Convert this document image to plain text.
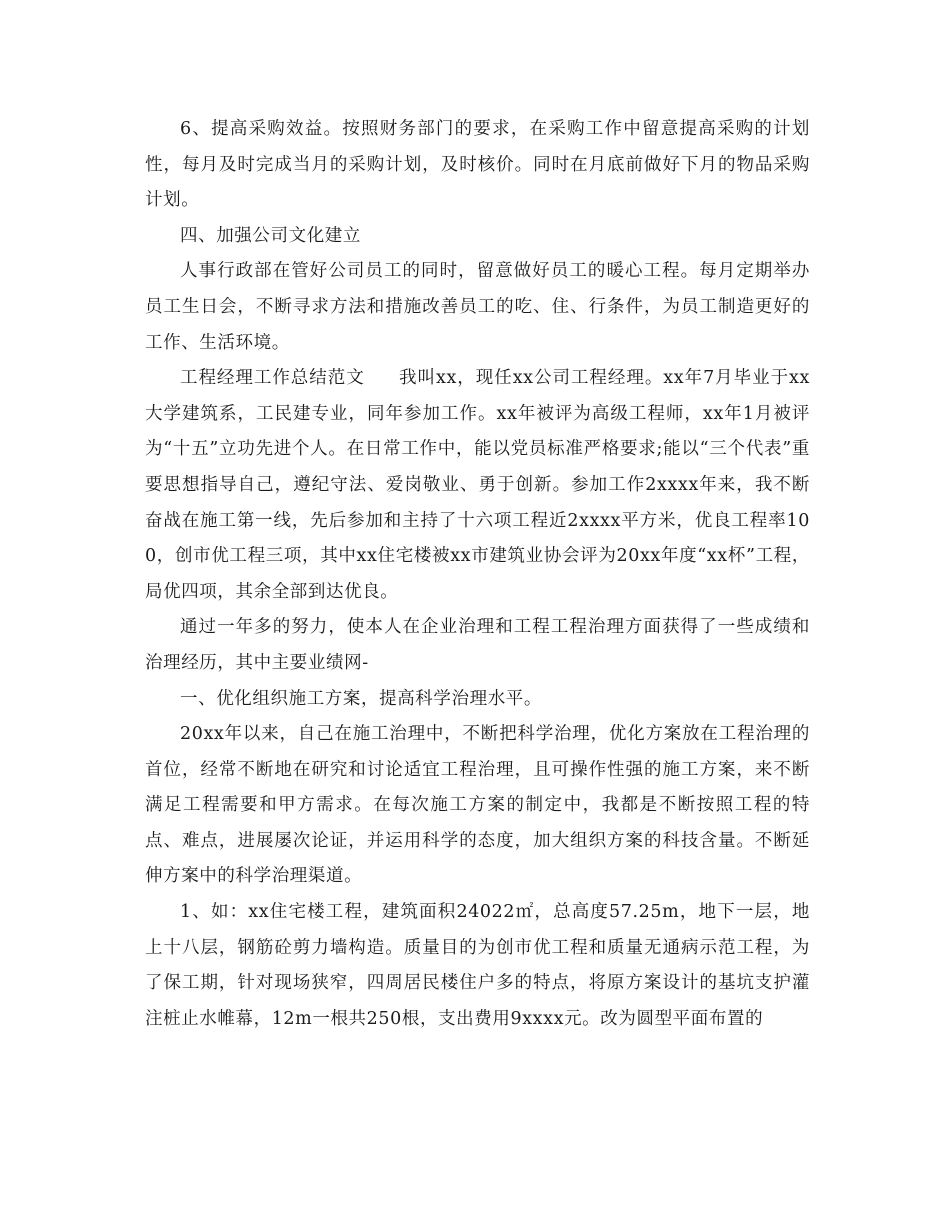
6、提高采购效益。按照财务部门的要求，在采购工作中留意提高采购的计划性，每月及时完成当月的采购计划，及时核价。同时在月底前做好下月的物品采购计划。

四、加强公司文化建立

人事行政部在管好公司员工的同时，留意做好员工的暖心工程。每月定期举办员工生日会，不断寻求方法和措施改善员工的吃、住、行条件，为员工制造更好的工作、生活环境。

工程经理工作总结范文 我叫xx，现任xx公司工程经理。xx年7月毕业于xx大学建筑系，工民建专业，同年参加工作。xx年被评为高级工程师，xx年1月被评为“十五”立功先进个人。在日常工作中，能以党员标准严格要求;能以“三个代表”重要思想指导自己，遵纪守法、爱岗敬业、勇于创新。参加工作2xxxx年来，我不断奋战在施工第一线，先后参加和主持了十六项工程近2xxxx平方米，优良工程率100，创市优工程三项，其中xx住宅楼被xx市建筑业协会评为20xx年度“xx杯”工程，局优四项，其余全部到达优良。

通过一年多的努力，使本人在企业治理和工程工程治理方面获得了一些成绩和治理经历，其中主要业绩网-

一、优化组织施工方案，提高科学治理水平。

20xx年以来，自己在施工治理中，不断把科学治理，优化方案放在工程治理的首位，经常不断地在研究和讨论适宜工程治理，且可操作性强的施工方案，来不断满足工程需要和甲方需求。在每次施工方案的制定中，我都是不断按照工程的特点、难点，进展屡次论证，并运用科学的态度，加大组织方案的科技含量。不断延伸方案中的科学治理渠道。

1、如：xx住宅楼工程，建筑面积24022㎡，总高度57.25m，地下一层，地上十八层，钢筋砼剪力墙构造。质量目的为创市优工程和质量无通病示范工程，为了保工期，针对现场狭窄，四周居民楼住户多的特点，将原方案设计的基坑支护灌注桩止水帷幕，12m一根共250根，支出费用9xxxx元。改为圆型平面布置的
